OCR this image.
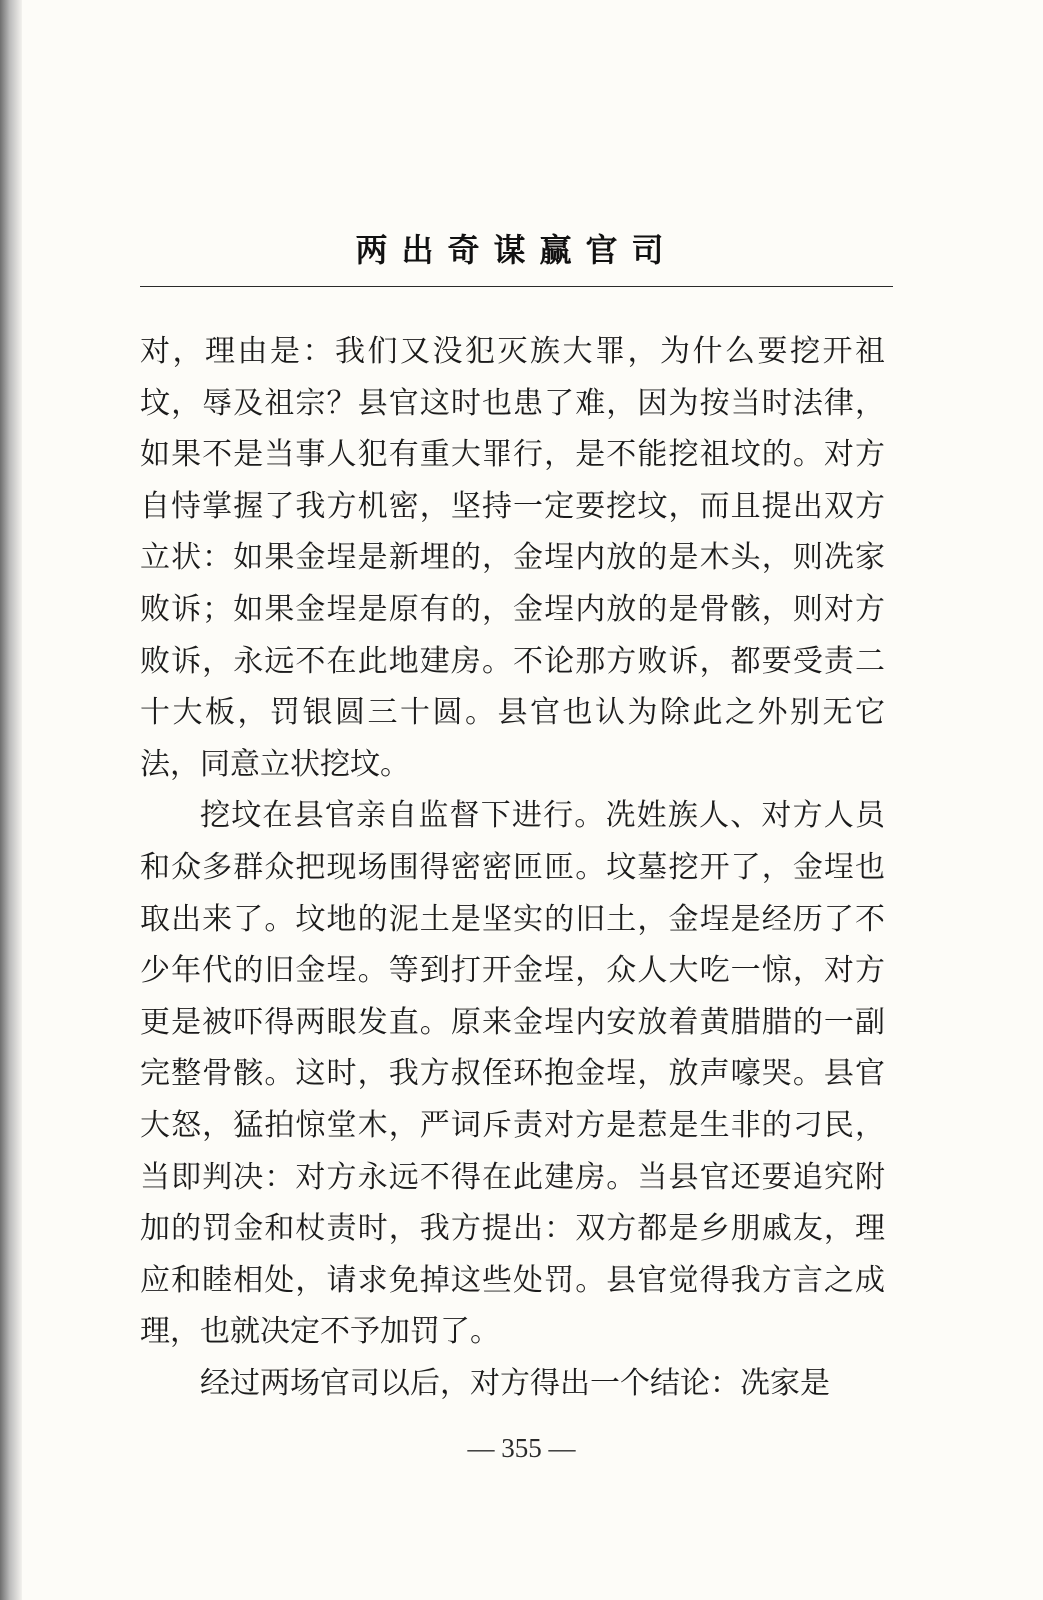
两出奇谋赢官司

对，理由是：我们又没犯灭族大罪，为什么要挖开祖坟，辱及祖宗？县官这时也患了难，因为按当时法律，如果不是当事人犯有重大罪行，是不能挖祖坟的。对方自恃掌握了我方机密，坚持一定要挖坟，而且提出双方立状：如果金埕是新埋的，金埕内放的是木头，则冼家败诉；如果金埕是原有的，金埕内放的是骨骸，则对方败诉，永远不在此地建房。不论那方败诉，都要受责二十大板，罚银圆三十圆。县官也认为除此之外别无它法，同意立状挖坟。

挖坟在县官亲自监督下进行。冼姓族人、对方人员和众多群众把现场围得密密匝匝。坟墓挖开了，金埕也取出来了。坟地的泥土是坚实的旧土，金埕是经历了不少年代的旧金埕。等到打开金埕，众人大吃一惊，对方更是被吓得两眼发直。原来金埕内安放着黄腊腊的一副完整骨骸。这时，我方叔侄环抱金埕，放声嚎哭。县官大怒，猛拍惊堂木，严词斥责对方是惹是生非的刁民，当即判决：对方永远不得在此建房。当县官还要追究附加的罚金和杖责时，我方提出：双方都是乡朋戚友，理应和睦相处，请求免掉这些处罚。县官觉得我方言之成理，也就决定不予加罚了。

经过两场官司以后，对方得出一个结论：冼家是

— 355 —
